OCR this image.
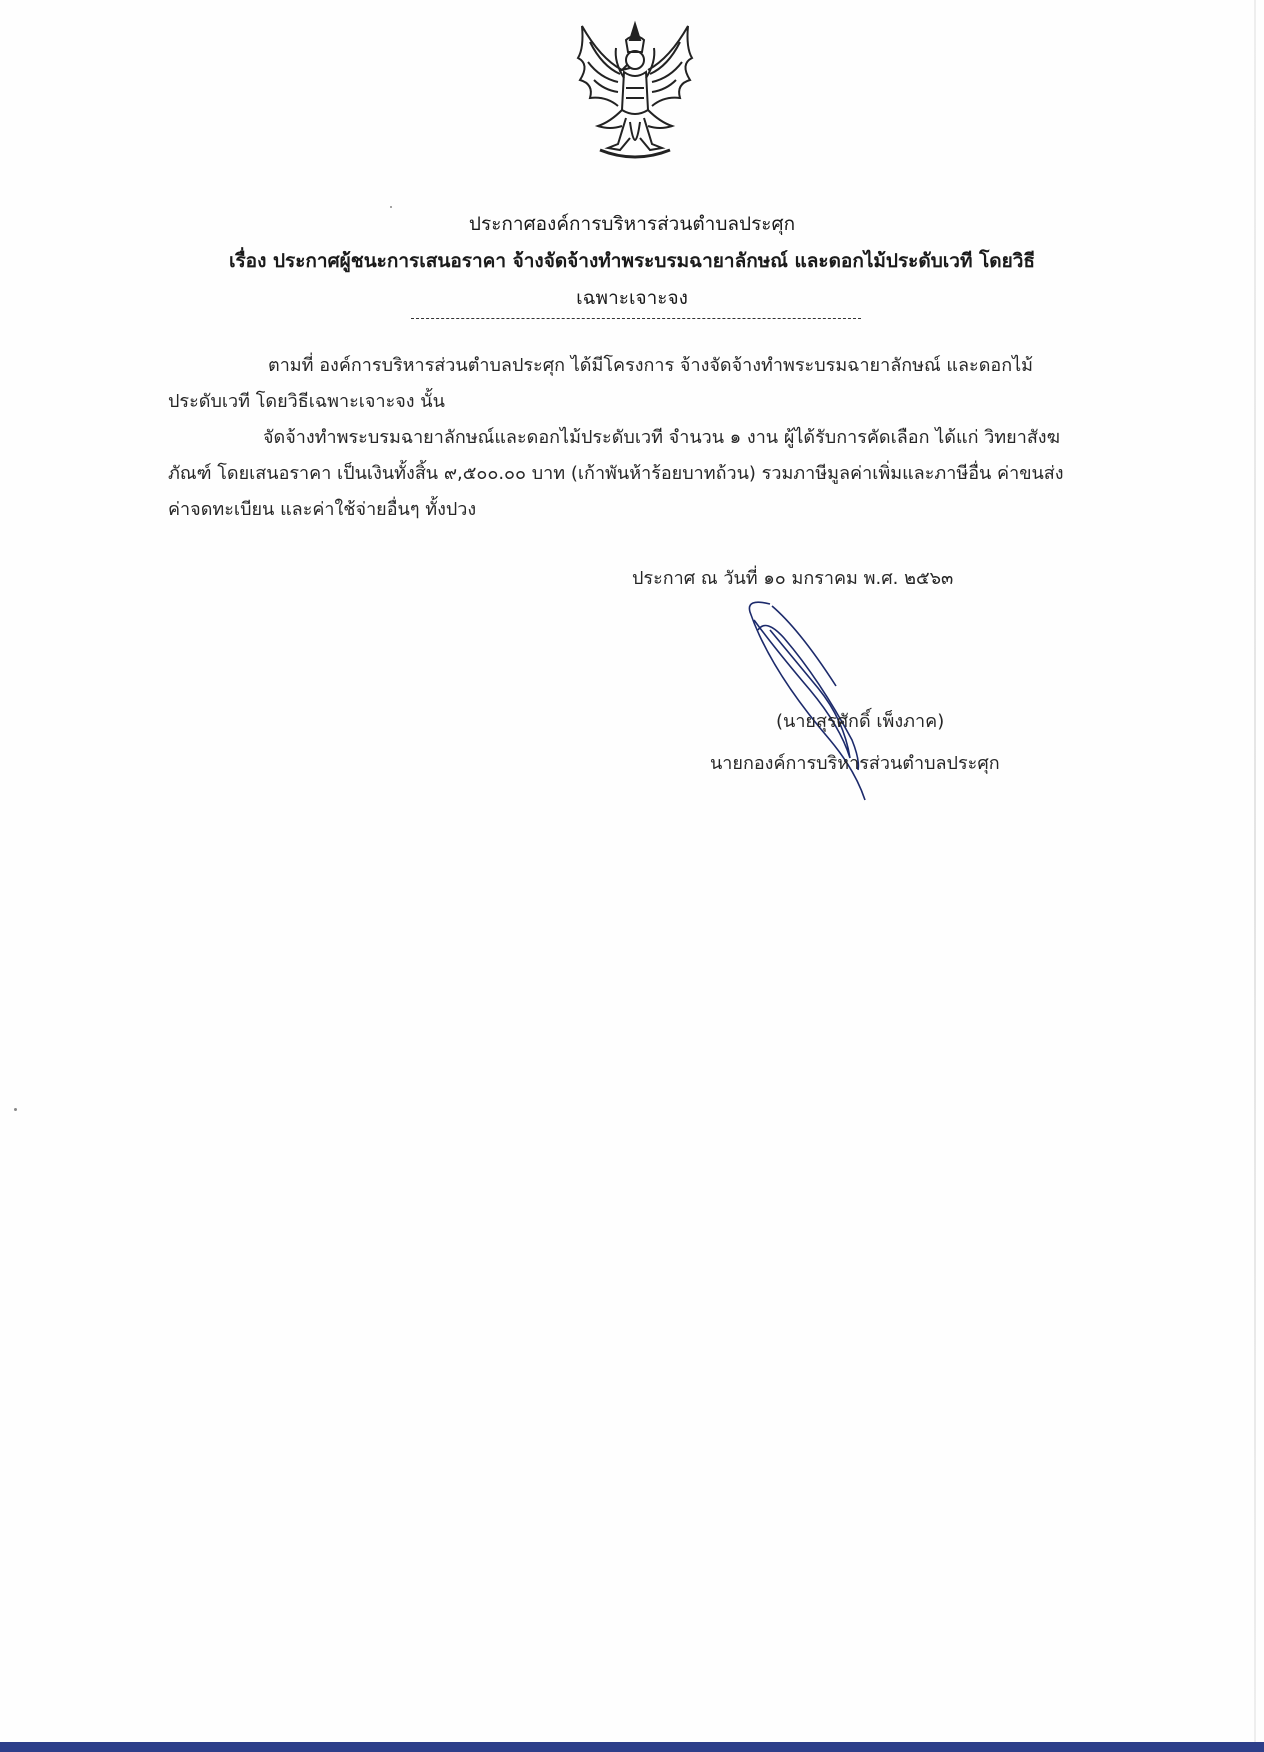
ประกาศองค์การบริหารส่วนตำบลประศุก
เรื่อง ประกาศผู้ชนะการเสนอราคา จ้างจัดจ้างทำพระบรมฉายาลักษณ์ และดอกไม้ประดับเวที โดยวิธี
เฉพาะเจาะจง
ตามที่ องค์การบริหารส่วนตำบลประศุก ได้มีโครงการ จ้างจัดจ้างทำพระบรมฉายาลักษณ์ และดอกไม้ประดับเวที โดยวิธีเฉพาะเจาะจง นั้น
จัดจ้างทำพระบรมฉายาลักษณ์และดอกไม้ประดับเวที จำนวน ๑ งาน ผู้ได้รับการคัดเลือก ได้แก่ วิทยาสังฆภัณฑ์ โดยเสนอราคา เป็นเงินทั้งสิ้น ๙,๕๐๐.๐๐ บาท (เก้าพันห้าร้อยบาทถ้วน) รวมภาษีมูลค่าเพิ่มและภาษีอื่น ค่าขนส่ง ค่าจดทะเบียน และค่าใช้จ่ายอื่นๆ ทั้งปวง
ประกาศ ณ วันที่ ๑๐ มกราคม พ.ศ. ๒๕๖๓
(นายสุรศักดิ์ เพ็งภาค)
นายกองค์การบริหารส่วนตำบลประศุก
